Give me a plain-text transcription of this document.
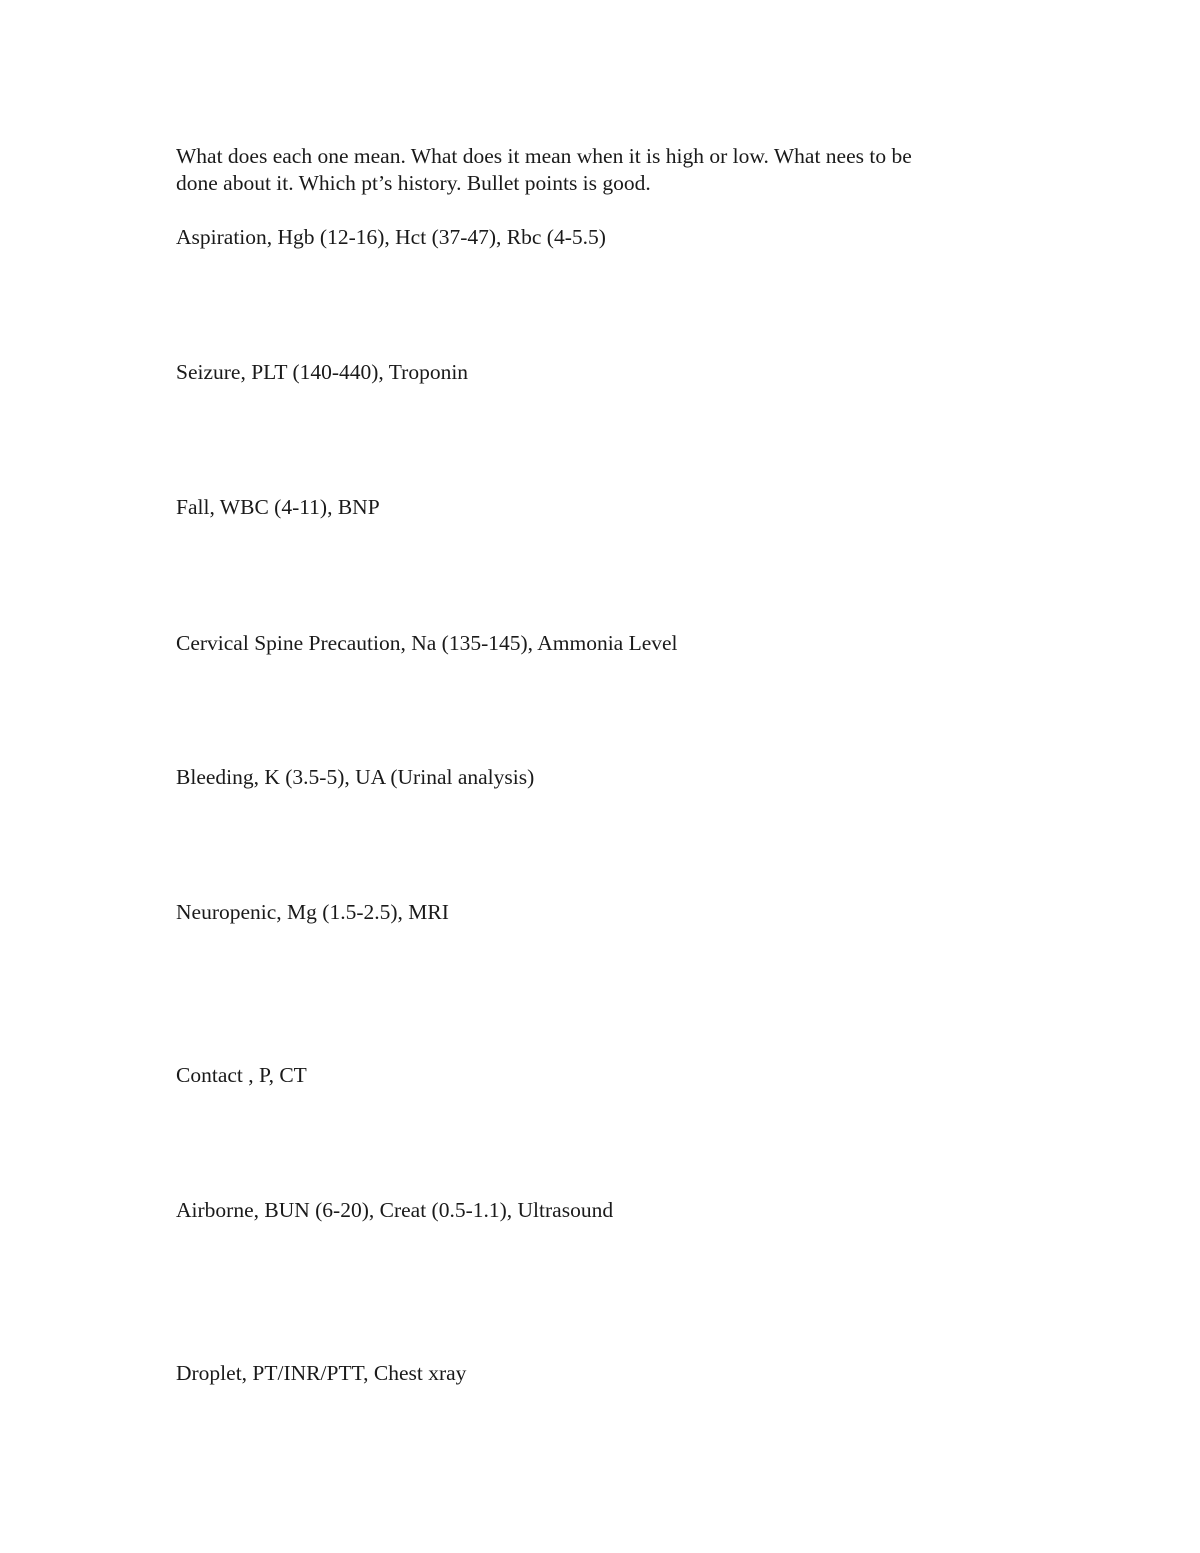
What does each one mean. What does it mean when it is high or low. What nees to be
done about it. Which pt’s history. Bullet points is good.

Aspiration, Hgb (12-16), Hct (37-47), Rbc (4-5.5)

Seizure, PLT (140-440), Troponin

Fall, WBC (4-11), BNP

Cervical Spine Precaution, Na (135-145), Ammonia Level

Bleeding, K (3.5-5), UA (Urinal analysis)

Neuropenic, Mg (1.5-2.5), MRI

Contact , P, CT

Airborne, BUN (6-20), Creat (0.5-1.1), Ultrasound

Droplet, PT/INR/PTT, Chest xray
